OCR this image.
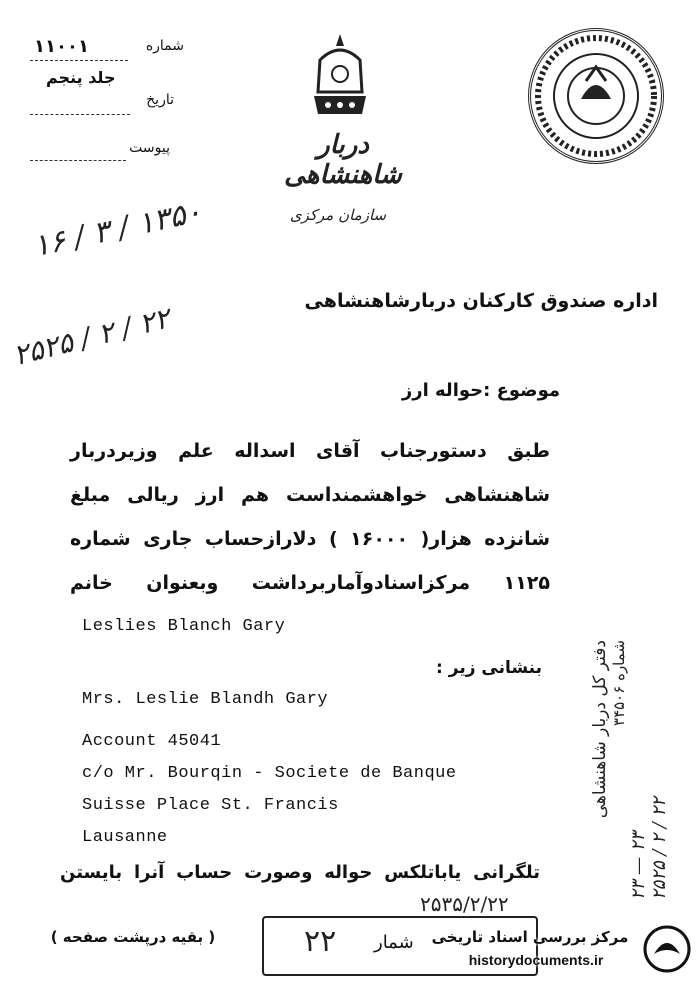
۱۱۰۰۱	شماره
جلد پنجم
تاریخ
پیوست	دربار شاهنشاهی
سازمان مرکزی
۱۶ / ۳ / ۱۳۵۰
۲۵۲۵ / ۲ / ۲۲
اداره صندوق کارکنان دربارشاهنشاهی
موضوع :حواله ارز
طبق دستورجناب آقای اسداله علم وزیردربار
شاهنشاهی خواهشمنداست هم ارز ریالی مبلغ
شانزده هزار( ۱۶۰۰۰ ) دلارازحساب جاری شماره
۱۱۲۵ مرکزاسنادوآماربرداشت وبعنوان خانم
Leslies Blanch Gary
بنشانی زیر :
Mrs. Leslie Blandh Gary
Account 45041
c/o Mr. Bourqin - Societe de Banque
Suisse Place St. Francis
Lausanne
تلگرانی یاباتلکس حواله وصورت حساب آنرا بایستن
( بقیه درپشت صفحه )
دفتر کل دربار شاهنشاهی شماره ۳۴۵۰۶
۲۳ — ۲۳ ۲۵۲۵ / ۲ / ۲۲
۲۵۳۵/۲/۲۲
۲۲ شمار مرکز بررسی اسناد تاریخی
historydocuments.ir
